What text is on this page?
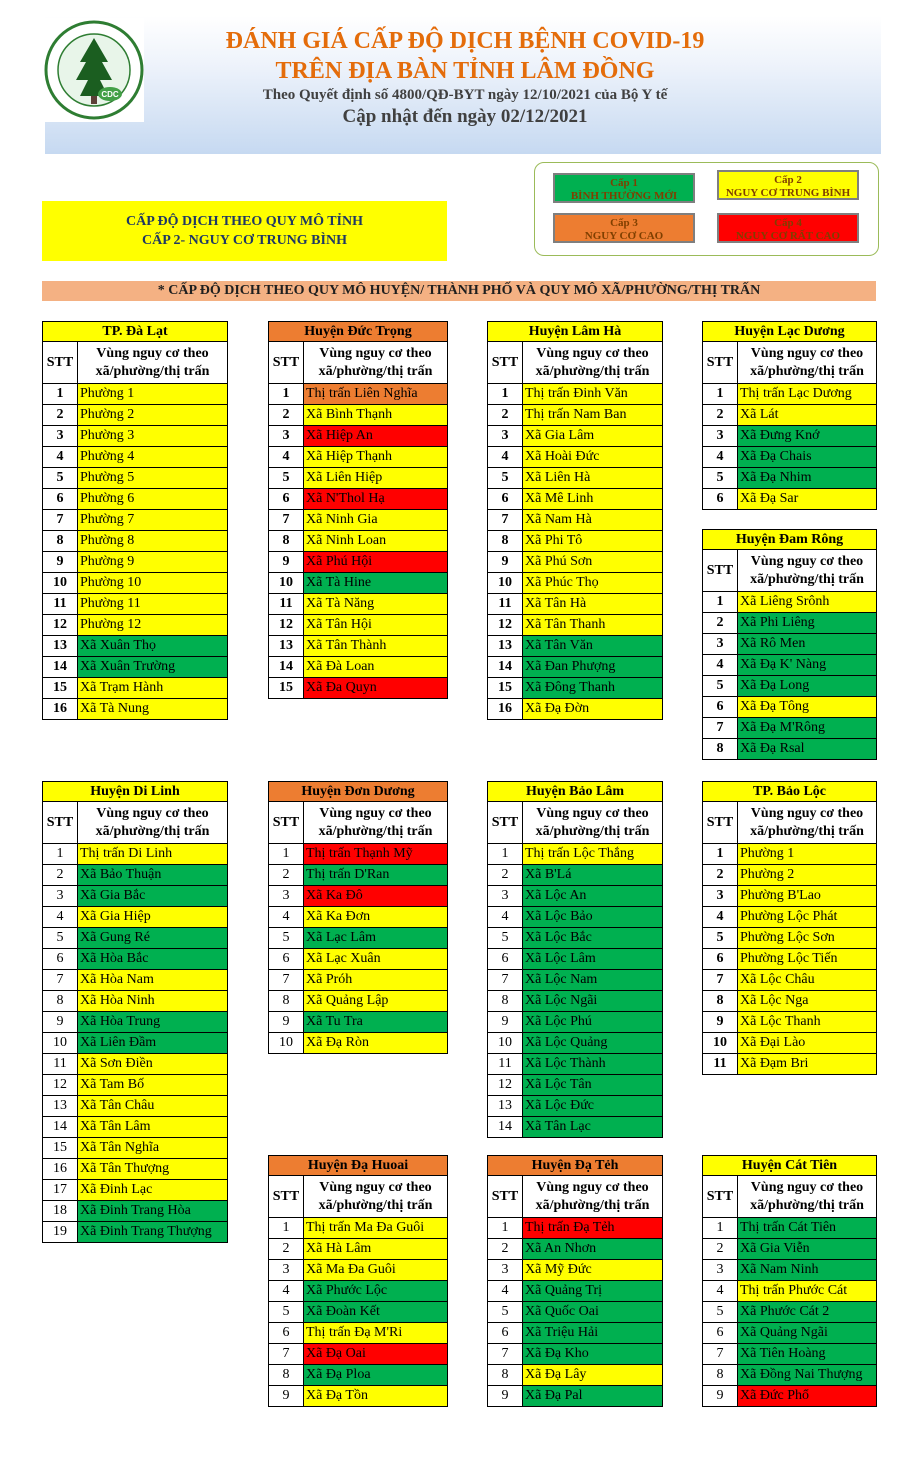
CDC
ĐÁNH GIÁ CẤP ĐỘ DỊCH BỆNH COVID-19
TRÊN ĐỊA BÀN TỈNH LÂM ĐỒNG
Theo Quyết định số 4800/QĐ-BYT ngày 12/10/2021 của Bộ Y tế
Cập nhật đến ngày 02/12/2021
Cấp 1
BÌNH THƯỜNG MỚI
Cấp 2
NGUY CƠ TRUNG BÌNH
Cấp 3
NGUY CƠ CAO
Cấp 4
NGUY CƠ RẤT CAO
CẤP ĐỘ DỊCH THEO QUY MÔ TỈNH
CẤP 2- NGUY CƠ TRUNG BÌNH
* CẤP ĐỘ DỊCH THEO QUY MÔ HUYỆN/ THÀNH PHỐ VÀ QUY MÔ XÃ/PHƯỜNG/THỊ TRẤN
TP. Đà Lạt
STT
Vùng nguy cơ theo
xã/phường/thị trấn
1	Phường 1
2	Phường 2
3	Phường 3
4	Phường 4
5	Phường 5
6	Phường 6
7	Phường 7
8	Phường 8
9	Phường 9
10 Phường 10
11 Phường 11
12 Phường 12
13 Xã Xuân Thọ
14 Xã Xuân Trường
15 Xã Trạm Hành
16 Xã Tà Nung
Huyện Đức Trọng
STT
Vùng nguy cơ theo
xã/phường/thị trấn
1	Thị trấn Liên Nghĩa
2	Xã Bình Thạnh
3	Xã Hiệp An
4	Xã Hiệp Thạnh
5	Xã Liên Hiệp
6	Xã N'Thol Hạ
7	Xã Ninh Gia
8	Xã Ninh Loan
9	Xã Phú Hội
10 Xã Tà Hine
11 Xã Tà Năng
12 Xã Tân Hội
13 Xã Tân Thành
14 Xã Đà Loan
15 Xã Đa Quyn
Huyện Lâm Hà
STT
Vùng nguy cơ theo
xã/phường/thị trấn
1	Thị trấn Đinh Văn
2	Thị trấn Nam Ban
3	Xã Gia Lâm
4	Xã Hoài Đức
5	Xã Liên Hà
6	Xã Mê Linh
7	Xã Nam Hà
8	Xã Phi Tô
9	Xã Phú Sơn
10 Xã Phúc Thọ
11 Xã Tân Hà
12 Xã Tân Thanh
13 Xã Tân Văn
14 Xã Đan Phượng
15 Xã Đông Thanh
16 Xã Đạ Đờn
Huyện Lạc Dương
STT
Vùng nguy cơ theo
xã/phường/thị trấn
1	Thị trấn Lạc Dương
2	Xã Lát
3	Xã Đưng Knớ
4	Xã Đạ Chais
5	Xã Đạ Nhim
6	Xã Đạ Sar
Huyện Đam Rông
STT
Vùng nguy cơ theo
xã/phường/thị trấn
1	Xã Liêng Srônh
2	Xã Phi Liêng
3	Xã Rô Men
4	Xã Đạ K' Nàng
5	Xã Đạ Long
6	Xã Đạ Tông
7	Xã Đạ M'Rông
8	Xã Đạ Rsal
Huyện Di Linh
STT
Vùng nguy cơ theo
xã/phường/thị trấn
1	Thị trấn Di Linh
2	Xã Bảo Thuận
3	Xã Gia Bắc
4	Xã Gia Hiệp
5	Xã Gung Ré
6	Xã Hòa Bắc
7	Xã Hòa Nam
8	Xã Hòa Ninh
9	Xã Hòa Trung
10 Xã Liên Đầm
11 Xã Sơn Điền
12 Xã Tam Bố
13 Xã Tân Châu
14 Xã Tân Lâm
15 Xã Tân Nghĩa
16 Xã Tân Thượng
17 Xã Đinh Lạc
18 Xã Đinh Trang Hòa
19 Xã Đinh Trang Thượng
Huyện Đơn Dương
STT
Vùng nguy cơ theo
xã/phường/thị trấn
1	Thị trấn Thạnh Mỹ
2	Thị trấn D'Ran
3	Xã Ka Đô
4	Xã Ka Đơn
5	Xã Lạc Lâm
6	Xã Lạc Xuân
7	Xã Próh
8	Xã Quảng Lập
9	Xã Tu Tra
10 Xã Đạ Ròn
Huyện Bảo Lâm
STT
Vùng nguy cơ theo
xã/phường/thị trấn
1	Thị trấn Lộc Thắng
2	Xã B'Lá
3	Xã Lộc An
4	Xã Lộc Bảo
5	Xã Lộc Bắc
6	Xã Lộc Lâm
7	Xã Lộc Nam
8	Xã Lộc Ngãi
9	Xã Lộc Phú
10 Xã Lộc Quảng
11 Xã Lộc Thành
12 Xã Lộc Tân
13 Xã Lộc Đức
14 Xã Tân Lạc
TP. Bảo Lộc
STT
Vùng nguy cơ theo
xã/phường/thị trấn
1	Phường 1
2	Phường 2
3	Phường B'Lao
4	Phường Lộc Phát
5	Phường Lộc Sơn
6	Phường Lộc Tiến
7	Xã Lộc Châu
8	Xã Lộc Nga
9	Xã Lộc Thanh
10 Xã Đại Lào
11 Xã Đạm Bri
Huyện Đạ Huoai
STT
Vùng nguy cơ theo
xã/phường/thị trấn
1	Thị trấn Ma Đa Guôi
2	Xã Hà Lâm
3	Xã Ma Đa Guôi
4	Xã Phước Lộc
5	Xã Đoàn Kết
6	Thị trấn Đạ M'Ri
7	Xã Đạ Oai
8	Xã Đạ Ploa
9	Xã Đạ Tồn
Huyện Đạ Tẻh
STT
Vùng nguy cơ theo
xã/phường/thị trấn
1	Thị trấn Đạ Tẻh
2	Xã An Nhơn
3	Xã Mỹ Đức
4	Xã Quảng Trị
5	Xã Quốc Oai
6	Xã Triệu Hải
7	Xã Đạ Kho
8	Xã Đạ Lây
9	Xã Đạ Pal
Huyện Cát Tiên
STT
Vùng nguy cơ theo
xã/phường/thị trấn
1	Thị trấn Cát Tiên
2	Xã Gia Viễn
3	Xã Nam Ninh
4	Thị trấn Phước Cát
5	Xã Phước Cát 2
6	Xã Quảng Ngãi
7	Xã Tiên Hoàng
8	Xã Đồng Nai Thượng
9	Xã Đức Phổ
